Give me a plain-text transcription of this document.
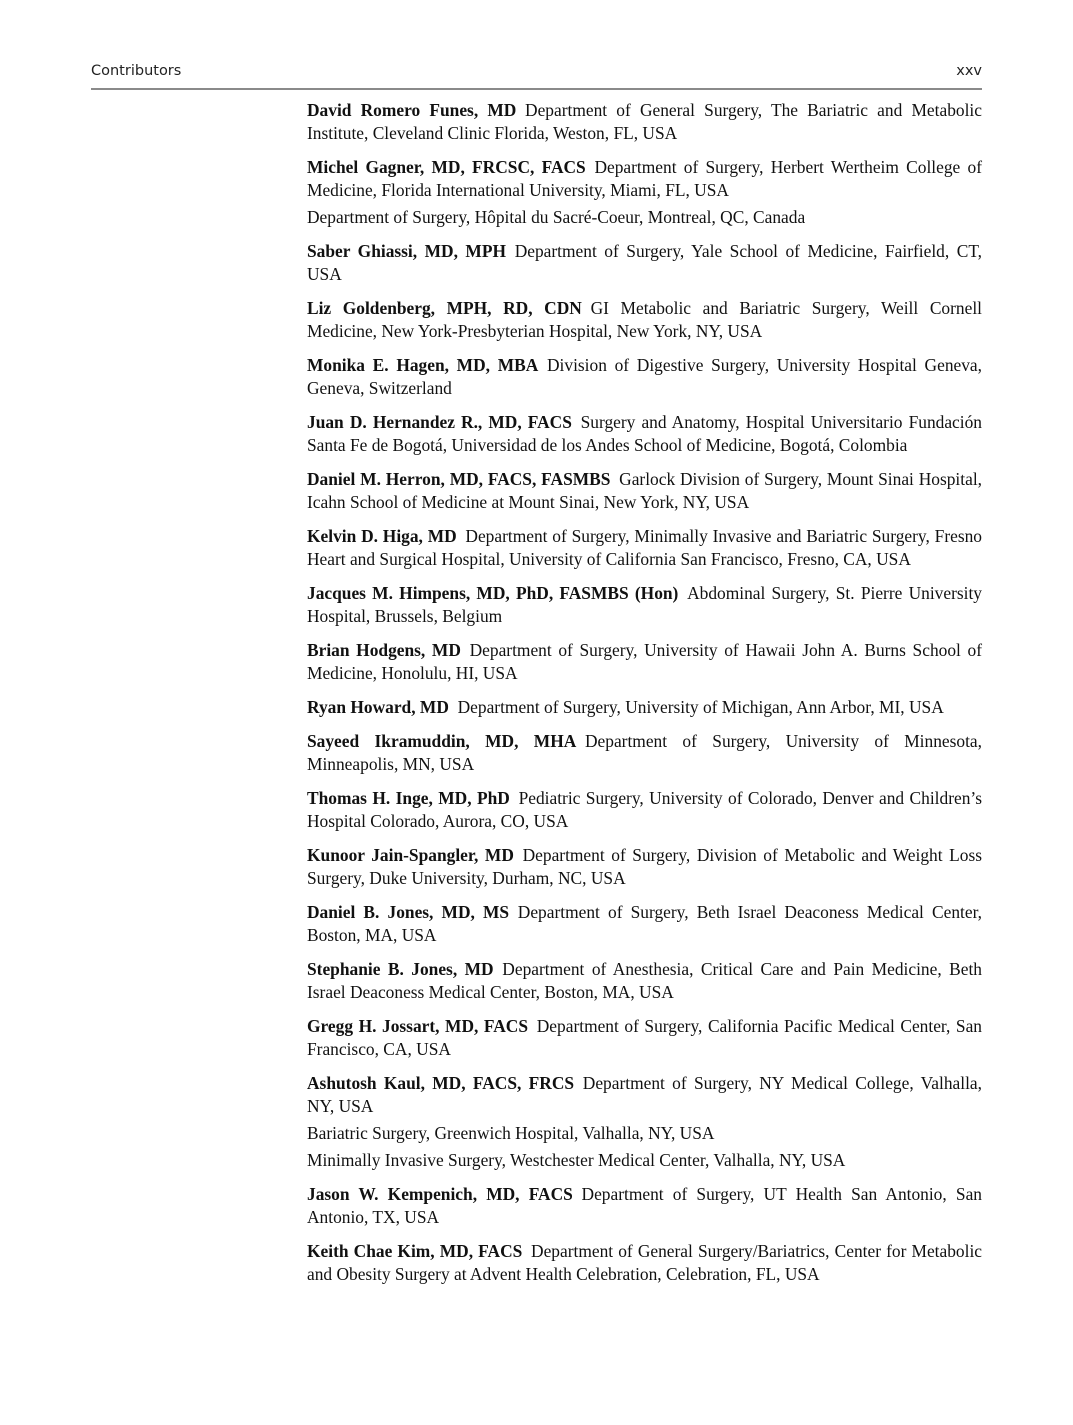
Contributors	xxv

David Romero Funes, MD  Department of General Surgery, The Bariatric and Metabolic Institute, Cleveland Clinic Florida, Weston, FL, USA

Michel Gagner, MD, FRCSC, FACS  Department of Surgery, Herbert Wertheim College of Medicine, Florida International University, Miami, FL, USA

Department of Surgery, Hôpital du Sacré-Coeur, Montreal, QC, Canada

Saber Ghiassi, MD, MPH  Department of Surgery, Yale School of Medicine, Fairfield, CT, USA

Liz Goldenberg, MPH, RD, CDN  GI Metabolic and Bariatric Surgery, Weill Cornell Medicine, New York-Presbyterian Hospital, New York, NY, USA

Monika E. Hagen, MD, MBA  Division of Digestive Surgery, University Hospital Geneva, Geneva, Switzerland

Juan D. Hernandez R., MD, FACS  Surgery and Anatomy, Hospital Universitario Fundación Santa Fe de Bogotá, Universidad de los Andes School of Medicine, Bogotá, Colombia

Daniel M. Herron, MD, FACS, FASMBS  Garlock Division of Surgery, Mount Sinai Hospital, Icahn School of Medicine at Mount Sinai, New York, NY, USA

Kelvin D. Higa, MD  Department of Surgery, Minimally Invasive and Bariatric Surgery, Fresno Heart and Surgical Hospital, University of California San Francisco, Fresno, CA, USA

Jacques M. Himpens, MD, PhD, FASMBS (Hon)  Abdominal Surgery, St. Pierre University Hospital, Brussels, Belgium

Brian Hodgens, MD  Department of Surgery, University of Hawaii John A. Burns School of Medicine, Honolulu, HI, USA

Ryan Howard, MD  Department of Surgery, University of Michigan, Ann Arbor, MI, USA

Sayeed Ikramuddin, MD, MHA  Department of Surgery, University of Minnesota, Minneapolis, MN, USA

Thomas H. Inge, MD, PhD  Pediatric Surgery, University of Colorado, Denver and Children’s Hospital Colorado, Aurora, CO, USA

Kunoor Jain-Spangler, MD  Department of Surgery, Division of Metabolic and Weight Loss Surgery, Duke University, Durham, NC, USA

Daniel B. Jones, MD, MS  Department of Surgery, Beth Israel Deaconess Medical Center, Boston, MA, USA

Stephanie B. Jones, MD  Department of Anesthesia, Critical Care and Pain Medicine, Beth Israel Deaconess Medical Center, Boston, MA, USA

Gregg H. Jossart, MD, FACS  Department of Surgery, California Pacific Medical Center, San Francisco, CA, USA

Ashutosh Kaul, MD, FACS, FRCS  Department of Surgery, NY Medical College, Valhalla, NY, USA

Bariatric Surgery, Greenwich Hospital, Valhalla, NY, USA

Minimally Invasive Surgery, Westchester Medical Center, Valhalla, NY, USA

Jason W. Kempenich, MD, FACS  Department of Surgery, UT Health San Antonio, San Antonio, TX, USA

Keith Chae Kim, MD, FACS  Department of General Surgery/Bariatrics, Center for Metabolic and Obesity Surgery at Advent Health Celebration, Celebration, FL, USA
